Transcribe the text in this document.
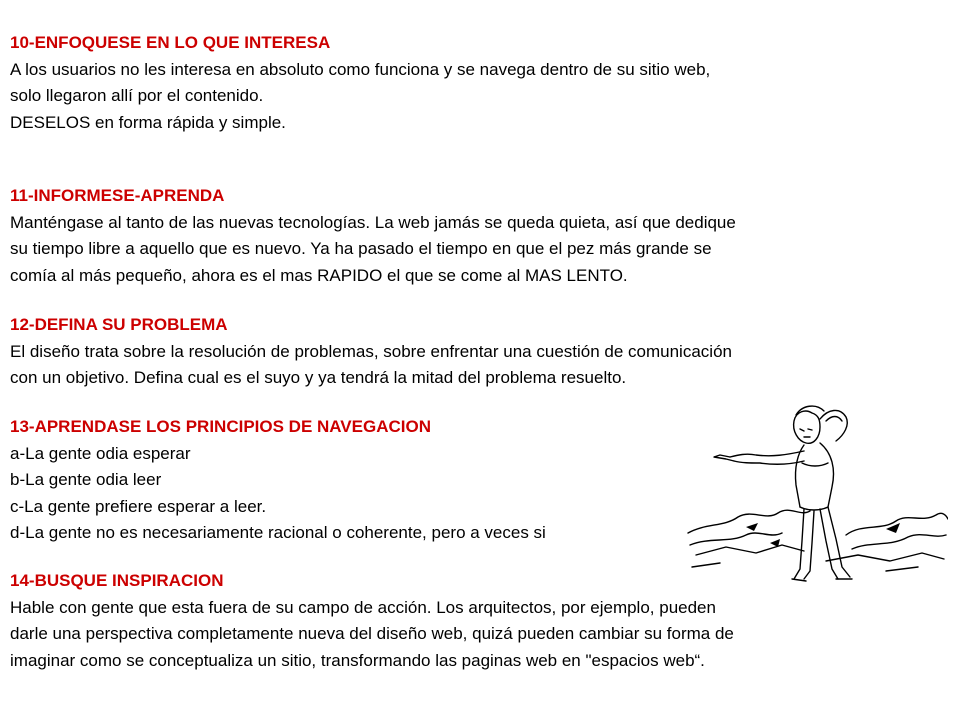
10-ENFOQUESE EN LO QUE INTERESA
A los usuarios no les interesa en absoluto como funciona y se navega dentro de su sitio web,
solo llegaron allí por el contenido.
DESELOS en forma rápida y simple.
11-INFORMESE-APRENDA
Manténgase al tanto de las nuevas tecnologías. La web jamás se queda quieta, así que dedique
su tiempo libre a aquello que es nuevo. Ya ha pasado el tiempo en que el pez más grande se
comía al más pequeño, ahora es el mas RAPIDO el que se come al MAS LENTO.
12-DEFINA SU PROBLEMA
El diseño trata sobre la resolución de problemas, sobre enfrentar una cuestión de comunicación
con un objetivo. Defina cual es el suyo y ya tendrá la mitad del problema resuelto.
13-APRENDASE LOS PRINCIPIOS DE NAVEGACION
a-La gente odia esperar
b-La gente odia leer
c-La gente prefiere esperar a leer.
d-La gente no es necesariamente racional o coherente, pero a veces si
14-BUSQUE INSPIRACION
Hable con gente que esta fuera de su campo de acción. Los arquitectos, por ejemplo, pueden
darle una perspectiva completamente nueva del diseño web, quizá pueden cambiar su forma de
imaginar como se conceptualiza un sitio, transformando las paginas web en "espacios web“.
